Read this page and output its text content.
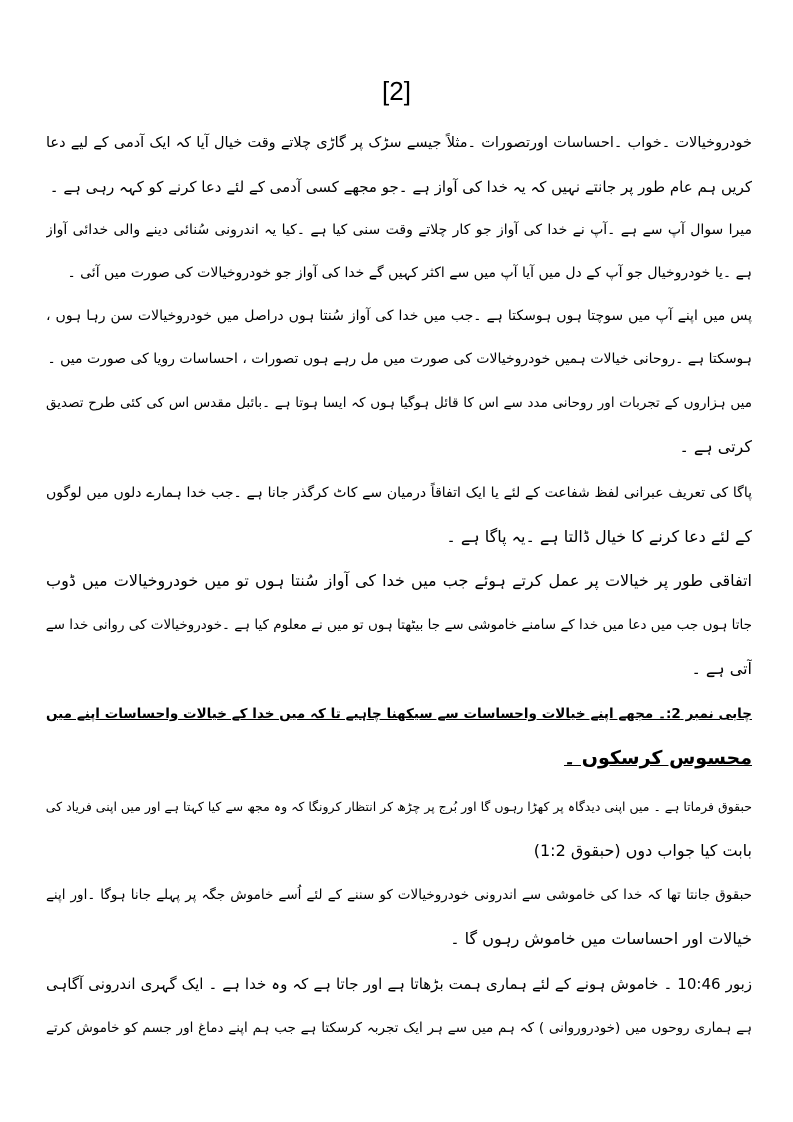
[2]
خودروخیالات ۔خواب ۔احساسات اورتصورات ۔مثلاً جیسے سڑک پر گاڑی چلاتے وقت خیال آیا کہ ایک آدمی کے لیے دعا
کریں ہم عام طور پر جانتے نہیں کہ یہ خدا کی آواز ہے ۔جو مجھے کسی آدمی کے لئے دعا کرنے کو کہہ رہی ہے ۔
میرا سوال آپ سے ہے ۔آپ نے خدا کی آواز جو کار چلاتے وقت سنی کیا ہے ۔کیا یہ اندرونی سُنائی دینے والی خدائی آواز
ہے ۔یا خودروخیال جو آپ کے دل میں آیا آپ میں سے اکثر کہیں گے خدا کی آواز جو خودروخیالات کی صورت میں آئی ۔
پس میں اپنے آپ میں سوچتا ہوں ہوسکتا ہے ۔جب میں خدا کی آواز سُنتا ہوں دراصل میں خودروخیالات سن رہا ہوں ،
ہوسکتا ہے ۔روحانی خیالات ہمیں خودروخیالات کی صورت میں مل رہے ہوں تصورات ، احساسات رویا کی صورت میں ۔
میں ہزاروں کے تجربات اور روحانی مدد سے اس کا قائل ہوگیا ہوں کہ ایسا ہوتا ہے ۔بائبل مقدس اس کی کئی طرح تصدیق
کرتی ہے ۔
پاگا کی تعریف عبرانی لفظ شفاعت کے لئے یا ایک اتفاقاً درمیان سے کاٹ کرگذر جانا ہے ۔جب خدا ہمارے دلوں میں لوگوں
کے لئے دعا کرنے کا خیال ڈالتا ہے ۔یہ پاگا ہے ۔
اتفاقی طور پر خیالات پر عمل کرتے ہوئے جب میں خدا کی آواز سُنتا ہوں تو میں خودروخیالات میں ڈوب
جاتا ہوں جب میں دعا میں خدا کے سامنے خاموشی سے جا بیٹھتا ہوں تو میں نے معلوم کیا ہے ۔خودروخیالات کی روانی خدا سے
آتی ہے ۔
چابی نمبر 2:۔ مجھے اپنے خیالات واحساسات سے سیکھنا چاہیے تا کہ میں خدا کے خیالات واحساسات اپنے میں
محسوس کرسکوں ۔
حبقوق فرماتا ہے ۔ میں اپنی دیدگاہ پر کھڑا رہوں گا اور بُرج پر چڑھ کر انتظار کرونگا کہ وہ مجھ سے کیا کہتا ہے اور میں اپنی فریاد کی
بابت کیا جواب دوں (حبقوق 1:2)
حبقوق جانتا تھا کہ خدا کی خاموشی سے اندرونی خودروخیالات کو سننے کے لئے اُسے خاموش جگہ پر پہلے جانا ہوگا ۔اور اپنے
خیالات اور احساسات میں خاموش رہوں گا ۔
زبور 10:46 ۔ خاموش ہونے کے لئے ہماری ہمت بڑھاتا ہے اور جاتا ہے کہ وہ خدا ہے ۔ ایک گہری اندرونی آگاہی
ہے ہماری روحوں میں (خودروروانی ) کہ ہم میں سے ہر ایک تجربہ کرسکتا ہے جب ہم اپنے دماغ اور جسم کو خاموش کرتے
